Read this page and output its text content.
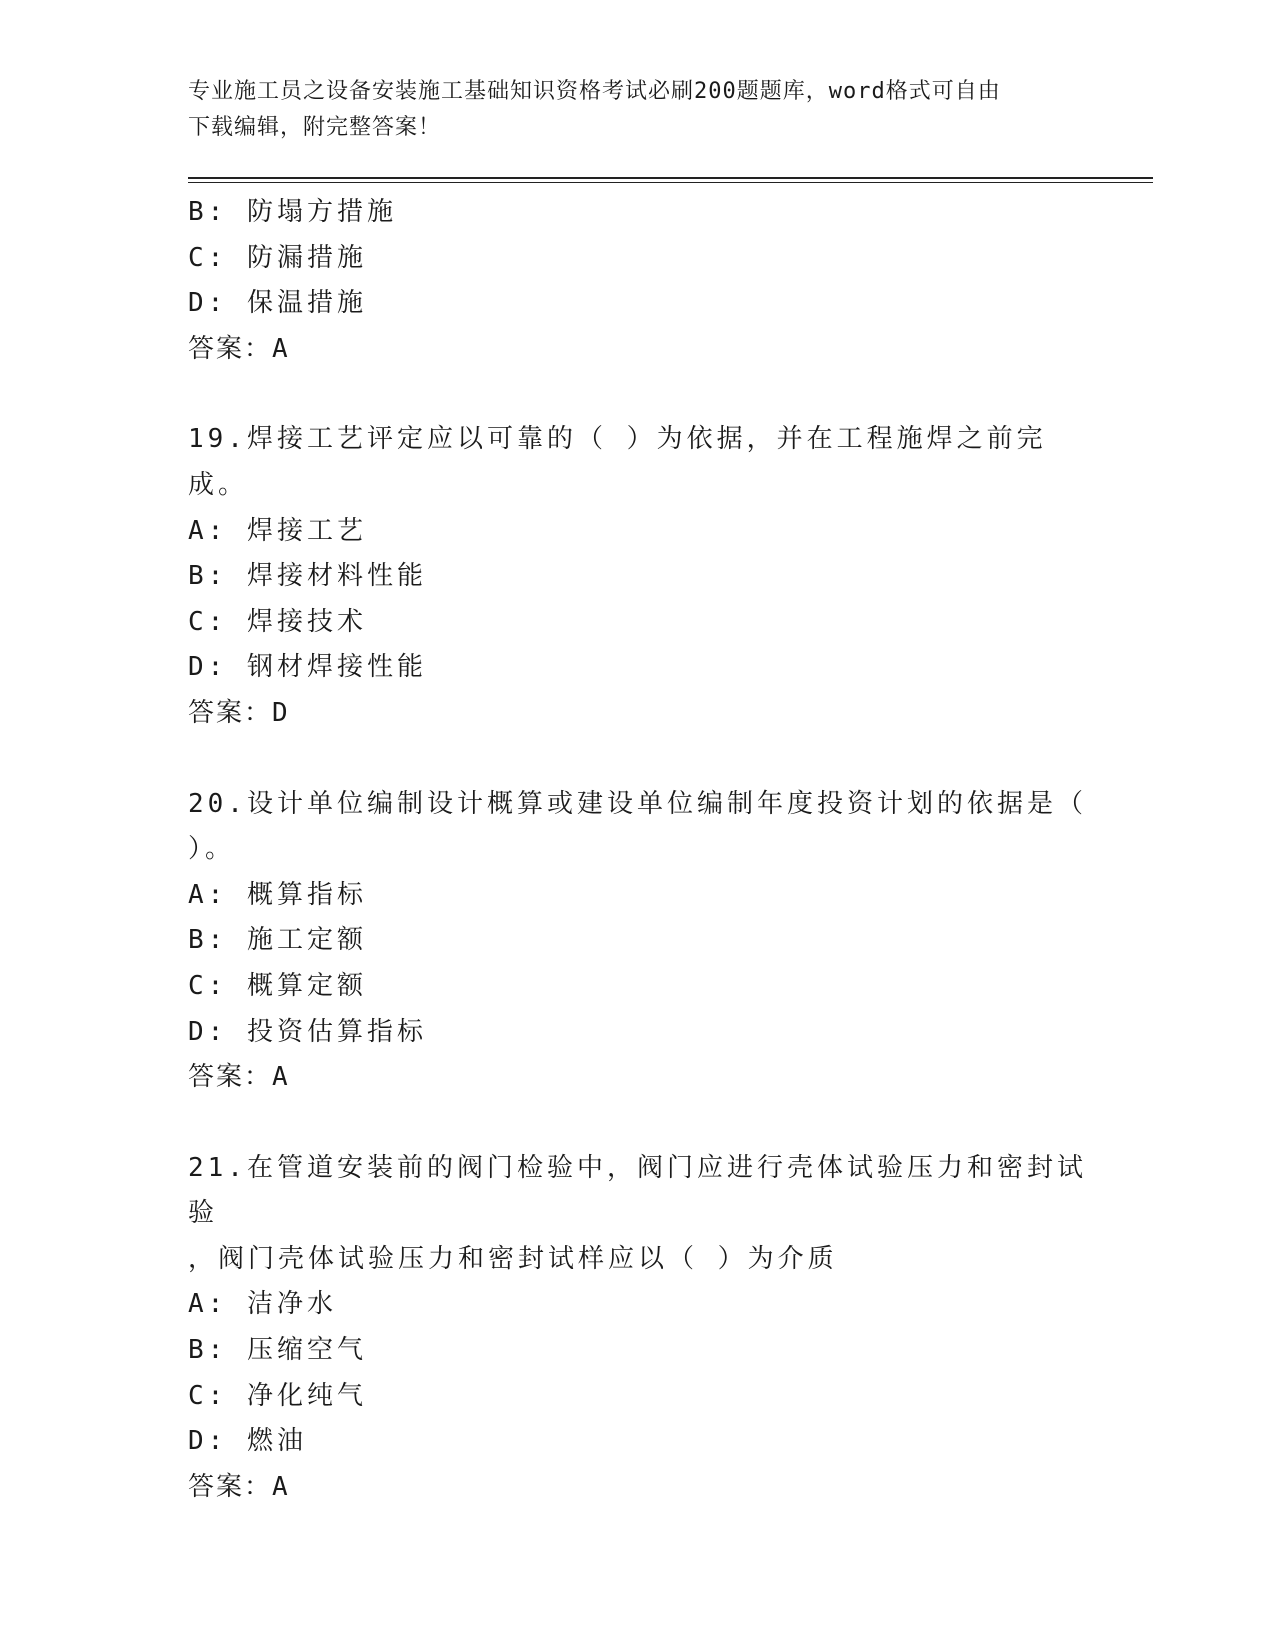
专业施工员之设备安装施工基础知识资格考试必刷200题题库，word格式可自由
下载编辑，附完整答案！
B: 防塌方措施
C: 防漏措施
D: 保温措施
答案：A
19.焊接工艺评定应以可靠的（ ）为依据，并在工程施焊之前完成。
A: 焊接工艺
B: 焊接材料性能
C: 焊接技术
D: 钢材焊接性能
答案：D
20.设计单位编制设计概算或建设单位编制年度投资计划的依据是（
）。
A: 概算指标
B: 施工定额
C: 概算定额
D: 投资估算指标
答案：A
21.在管道安装前的阀门检验中，阀门应进行壳体试验压力和密封试验
，阀门壳体试验压力和密封试样应以（ ）为介质
A: 洁净水
B: 压缩空气
C: 净化纯气
D: 燃油
答案：A
